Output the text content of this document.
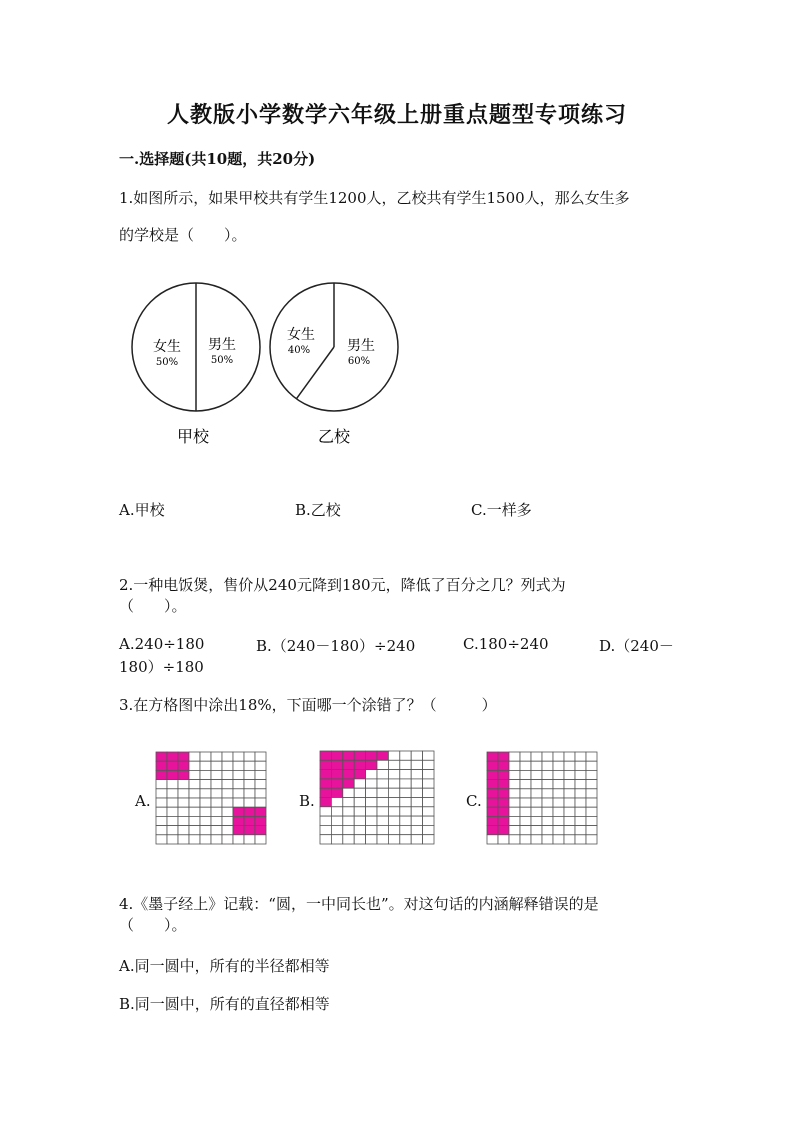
人教版小学数学六年级上册重点题型专项练习
一.选择题(共10题，共20分)
1.如图所示，如果甲校共有学生1200人，乙校共有学生1500人，那么女生多
的学校是（　　）。
女生
50%
男生
50%
甲校
女生
40%	男生
60%
乙校
A.甲校	B.乙校	C.一样多
2.一种电饭煲，售价从240元降到180元，降低了百分之几？列式为
（　　）。
A.240÷180	B.（240－180）÷240	C.180÷240	D.（240－
180）÷180
3.在方格图中涂出18%，下面哪一个涂错了？（　　　）
A.	B.	C.
4.《墨子经上》记载：“圆，一中同长也”。对这句话的内涵解释错误的是
（　　）。
A.同一圆中，所有的半径都相等
B.同一圆中，所有的直径都相等
